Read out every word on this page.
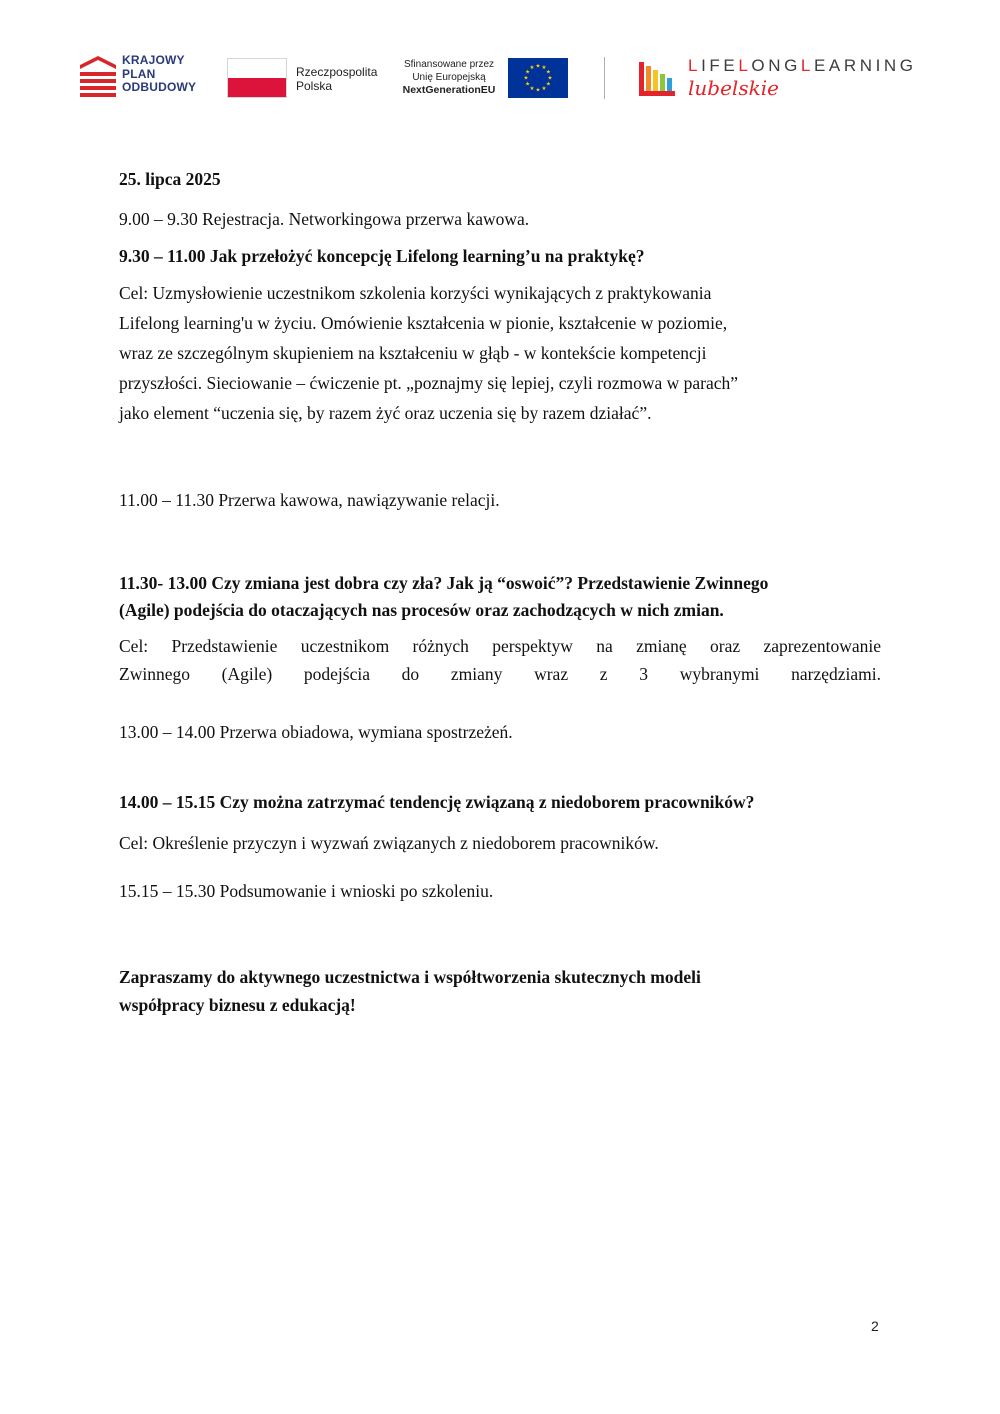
KRAJOWY
PLAN
ODBUDOWY
Rzeczpospolita
Polska
Sfinansowane przez
Unię Europejską
NextGenerationEU
★ ★
★
★
★
★
★
★
★
★
★
★	LIFELONGLEARNING
lubelskie

25. lipca 2025

9.00 – 9.30 Rejestracja. Networkingowa przerwa kawowa.

9.30 – 11.00 Jak przełożyć koncepcję Lifelong learning’u na praktykę?

Cel: Uzmysłowienie uczestnikom szkolenia korzyści wynikających z praktykowania

Lifelong learning'u w życiu. Omówienie kształcenia w pionie, kształcenie w poziomie,

wraz ze szczególnym skupieniem na kształceniu w głąb - w kontekście kompetencji

przyszłości. Sieciowanie – ćwiczenie pt. „poznajmy się lepiej, czyli rozmowa w parach”

jako element “uczenia się, by razem żyć oraz uczenia się by razem działać”.

11.00 – 11.30 Przerwa kawowa, nawiązywanie relacji.

11.30- 13.00 Czy zmiana jest dobra czy zła? Jak ją “oswoić”? Przedstawienie Zwinnego

(Agile) podejścia do otaczających nas procesów oraz zachodzących w nich zmian.

Cel: Przedstawienie uczestnikom różnych perspektyw na zmianę oraz zaprezentowanie

Zwinnego (Agile) podejścia do zmiany wraz z 3 wybranymi narzędziami.

13.00 – 14.00 Przerwa obiadowa, wymiana spostrzeżeń.

14.00 – 15.15 Czy można zatrzymać tendencję związaną z niedoborem pracowników?

Cel: Określenie przyczyn i wyzwań związanych z niedoborem pracowników.

15.15 – 15.30 Podsumowanie i wnioski po szkoleniu.

Zapraszamy do aktywnego uczestnictwa i współtworzenia skutecznych modeli

współpracy biznesu z edukacją!

2
